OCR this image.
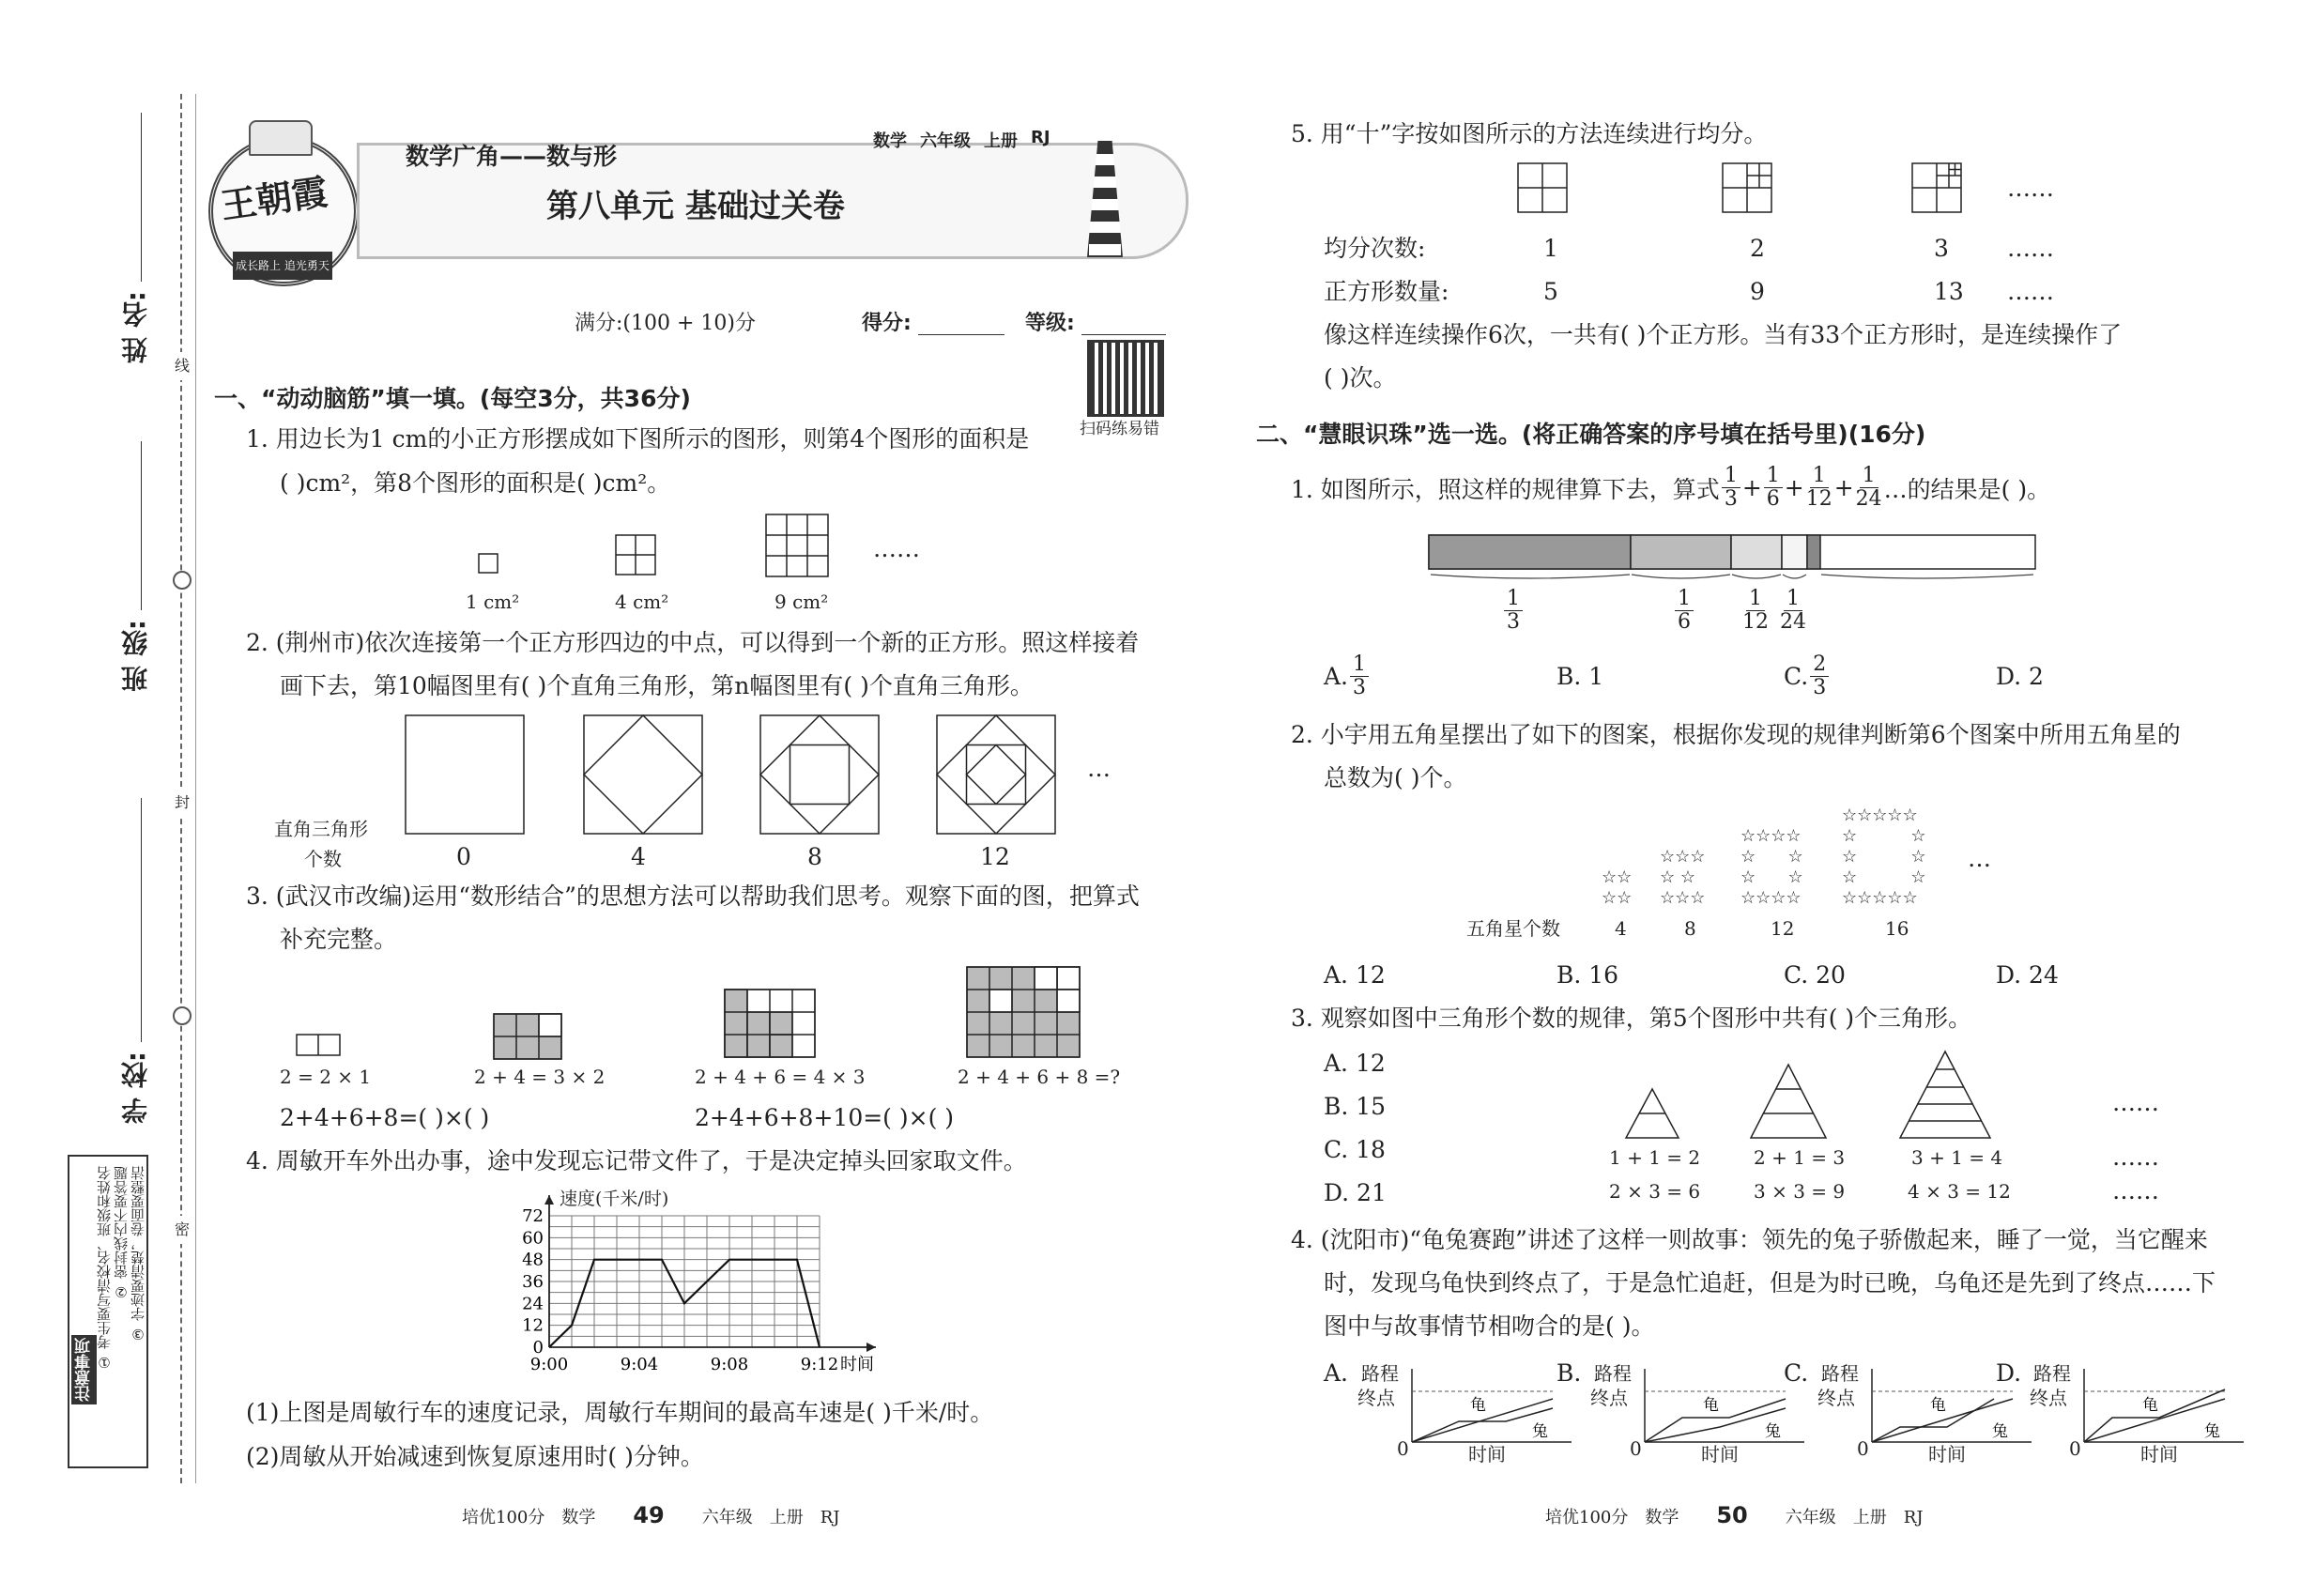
姓 名:
班 级:
学 校:
线
封
密
注意事项 ① 考生要写清校名、班级和姓名 ② 密封线内不要答题 ③ 字迹要清楚，卷面要整洁
王朝霞
成长路上 追光勇天
数学广角——数与形
数学 六年级 上册 RJ
第八单元 基础过关卷
满分:(100 + 10)分	得分:	等级:
扫码练易错
一、“动动脑筋”填一填。(每空3分，共36分)
1. 用边长为1 cm的小正方形摆成如下图所示的图形，则第4个图形的面积是
( )cm²，第8个图形的面积是( )cm²。
1 cm²	4 cm²	9 cm²
……
2. (荆州市)依次连接第一个正方形四边的中点，可以得到一个新的正方形。照这样接着
画下去，第10幅图里有( )个直角三角形，第n幅图里有( )个直角三角形。
…
直角三角形
个数	0	4	8	12
3. (武汉市改编)运用“数形结合”的思想方法可以帮助我们思考。观察下面的图，把算式
补充完整。
2 = 2 × 1	2 + 4 = 3 × 2	2 + 4 + 6 = 4 × 3	2 + 4 + 6 + 8 =?
2+4+6+8=( )×( )	2+4+6+8+10=( )×( )
4. 周敏开车外出办事，途中发现忘记带文件了，于是决定掉头回家取文件。
12
24
36
48
60
72
0
9:00	9:04	9:08	9:12 时间
速度(千米/时)
(1)上图是周敏行车的速度记录，周敏行车期间的最高车速是( )千米/时。
(2)周敏从开始减速到恢复原速用时( )分钟。
5. 用“十”字按如图所示的方法连续进行均分。
……
均分次数:	1	2	3 ……
正方形数量:	5	9	13 ……
像这样连续操作6次，一共有( )个正方形。当有33个正方形时，是连续操作了
( )次。
二、“慧眼识珠”选一选。(将正确答案的序号填在括号里)(16分)
1. 如图所示，照这样的规律算下去，算式 $\frac{1}{3} + \frac{1}{6} + \frac{1}{12} + \frac{1}{24}$ …的结果是( )。
$\frac{1}{3}$	$\frac{1}{6} \frac{1}{12} \frac{1}{24}$
A. $\frac{1}{3}$	B. 1	C. $\frac{2}{3}$	D. 2
2. 小宇用五角星摆出了如下的图案，根据你发现的规律判断第6个图案中所用五角星的
总数为( )个。
☆☆
☆☆
☆☆☆
☆ ☆
☆☆☆
☆☆☆☆
☆      ☆
☆      ☆
☆☆☆☆
☆☆☆☆☆
☆          ☆
☆          ☆
☆          ☆
☆☆☆☆☆
…
五角星个数	4	8	12	16
A. 12	B. 16	C. 20	D. 24
3. 观察如图中三角形个数的规律，第5个图形中共有( )个三角形。
A. 12
B. 15
C. 18
D. 21
1 + 1 = 2	2 + 1 = 3	3 + 1 = 4
2 × 3 = 6	3 × 3 = 9	4 × 3 = 12
……
……
……
4. (沈阳市)“龟兔赛跑”讲述了这样一则故事：领先的兔子骄傲起来，睡了一觉，当它醒来
时，发现乌龟快到终点了，于是急忙追赶，但是为时已晚，乌龟还是先到了终点……下
图中与故事情节相吻合的是( )。
A. 路程
终点
0	时间
龟
兔
B. 路程
终点
0	时间
龟
兔
C. 路程
终点
0	时间
龟
兔
D. 路程
终点
0	时间
龟
兔
培优100分 数学 49 六年级 上册 RJ	培优100分 数学 50 六年级 上册 RJ
